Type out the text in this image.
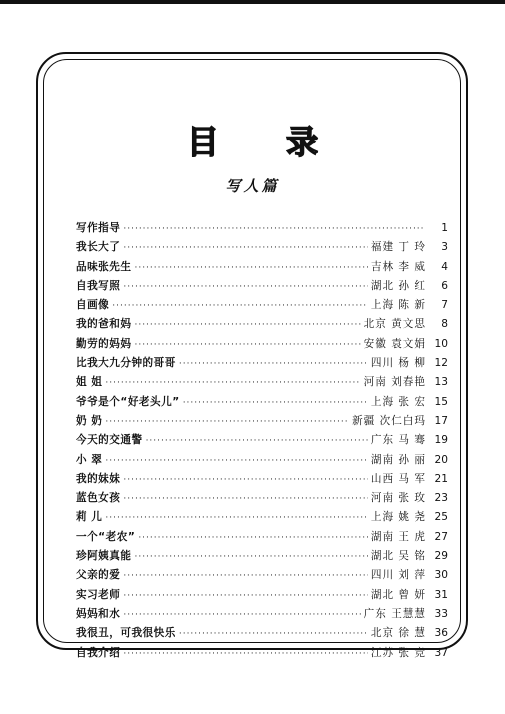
目 录
写人篇
写作指导 ·····	1
我长大了 ·····	福建 丁 玲	3
品味张先生 ·····	吉林 李 威	4
自我写照 ·····	湖北 孙 红	6
自画像 ·····	上海 陈 新	7
我的爸和妈 ·····	北京 黄文思	8
勤劳的妈妈 ·····	安徽 袁文娟 10
比我大九分钟的哥哥 ·····	四川 杨 柳 12
姐 姐 ·····	河南 刘春艳 13
爷爷是个“好老头儿” ·····	上海 张 宏 15
奶 奶 ·····	新疆 次仁白玛 17
今天的交通警 ·····	广东 马 骞 19
小 翠 ·····	湖南 孙 丽 20
我的妹妹 ·····	山西 马 军 21
蓝色女孩 ·····	河南 张 玫 23
莉 儿 ·····	上海 姚 尧 25
一个“老农” ·····	湖南 王 虎 27
珍阿姨真能 ·····	湖北 吴 铭 29
父亲的爱 ·····	四川 刘 萍 30
实习老师 ·····	湖北 曾 妍 31
妈妈和水 ·····	广东 王慧慧 33
我很丑，可我很快乐 ·····	北京 徐 慧 36
自我介绍 ·····	江苏 张 竞 37
